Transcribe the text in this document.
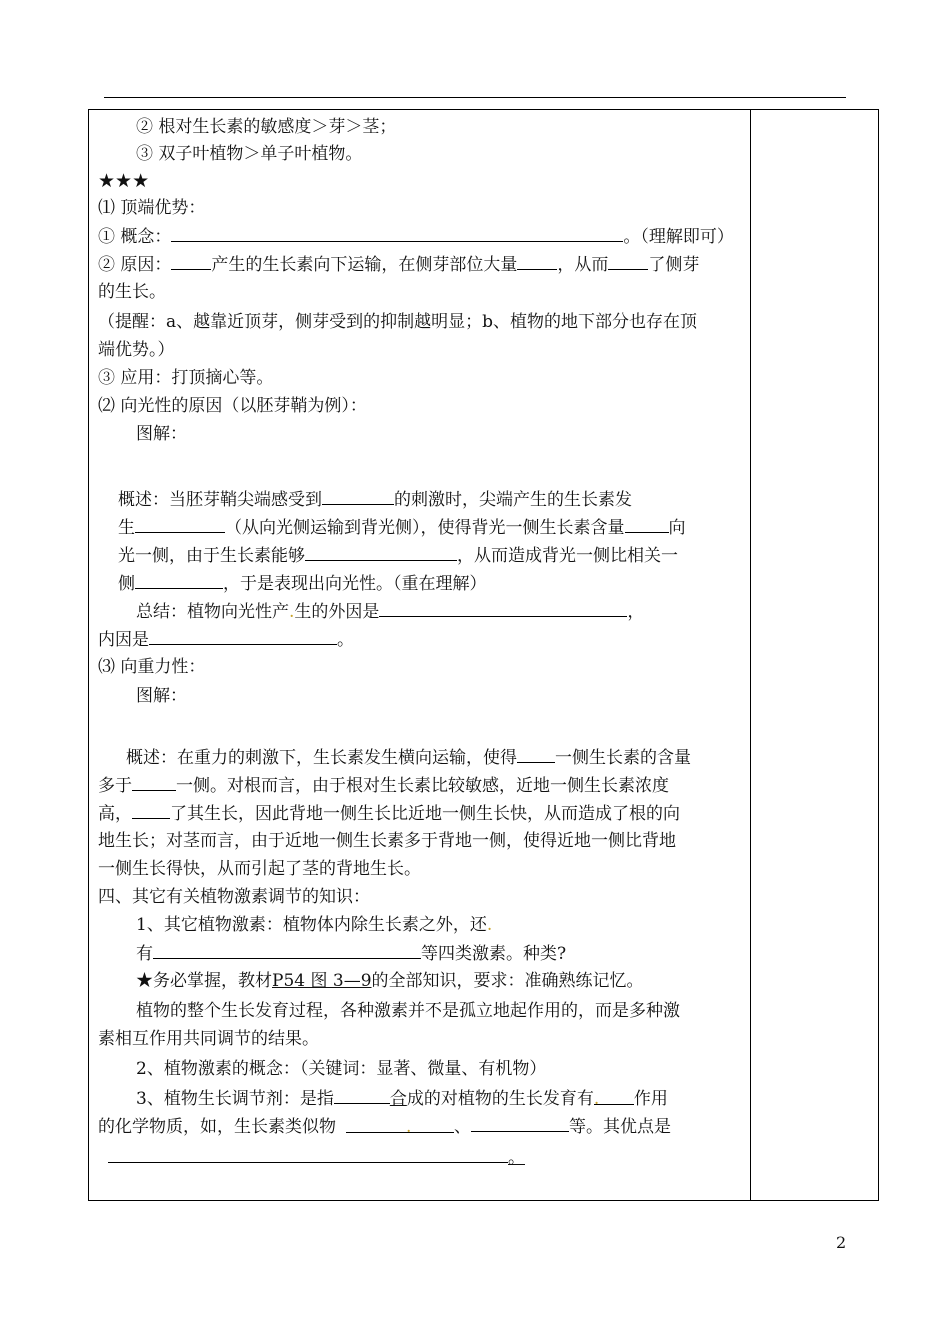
② 根对生长素的敏感度＞芽＞茎；
③ 双子叶植物＞单子叶植物。
★★★
⑴ 顶端优势：
① 概念：	。（理解即可）
② 原因： 产生的生长素向下运输，在侧芽部位大量 ，从而 了侧芽
的生长。
（提醒：a、越靠近顶芽，侧芽受到的抑制越明显；b、植物的地下部分也存在顶
端优势。）
③ 应用：打顶摘心等。
⑵ 向光性的原因（以胚芽鞘为例）：
图解：
概述：当胚芽鞘尖端感受到	的刺激时，尖端产生的生长素发
生	（从向光侧运输到背光侧），使得背光一侧生长素含量	向
光一侧，由于生长素能够	，从而造成背光一侧比相关一
侧	，于是表现出向光性。（重在理解）
总结：植物向光性产.生的外因是	，
内因是	。
⑶ 向重力性：
图解：
概述：在重力的刺激下，生长素发生横向运输，使得 一侧生长素的含量
多于	一侧。对根而言，由于根对生长素比较敏感，近地一侧生长素浓度
高， 了其生长，因此背地一侧生长比近地一侧生长快，从而造成了根的向
地生长；对茎而言，由于近地一侧生长素多于背地一侧，使得近地一侧比背地
一侧生长得快，从而引起了茎的背地生长。
四、其它有关植物激素调节的知识：
1、其它植物激素：植物体内除生长素之外，还.
有	等四类激素。种类?
★务必掌握，教材P54 图 3—9的全部知识，要求：准确熟练记忆。
植物的整个生长发育过程，各种激素并不是孤立地起作用的，而是多种激
素相互作用共同调节的结果。
2、植物激素的概念：（关键词：显著、微量、有机物）
3、植物生长调节剂：是指	合成的对植物的生长发育有. 作用
的化学物质，如，生长素类似物	.	、	等。其优点是
。
2
